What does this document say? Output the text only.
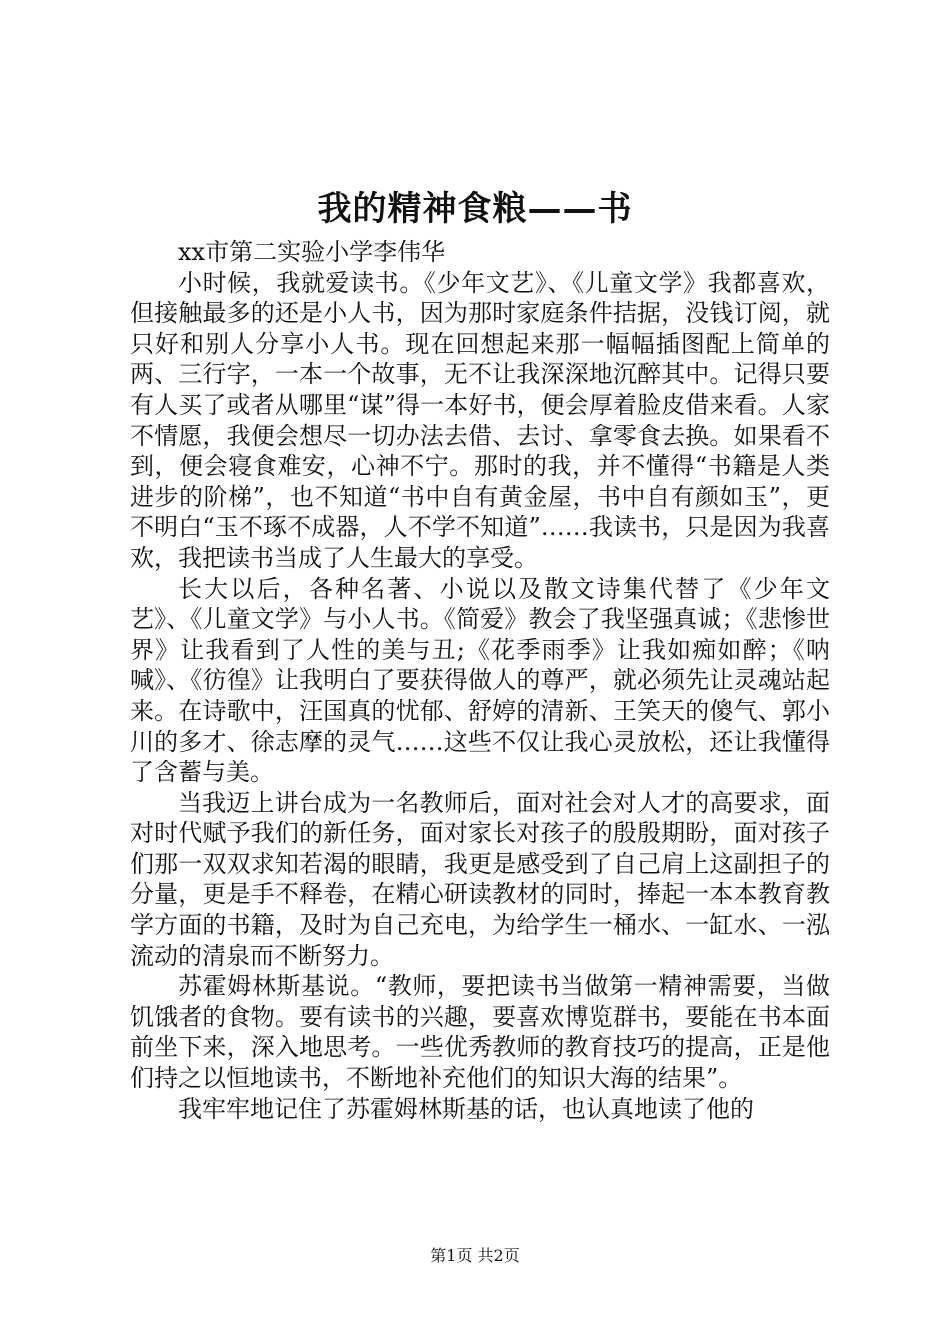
我的精神食粮——书

xx市第二实验小学李伟华

小时候，我就爱读书。《少年文艺》、《儿童文学》我都喜欢，但接触最多的还是小人书，因为那时家庭条件拮据，没钱订阅，就只好和别人分享小人书。现在回想起来那一幅幅插图配上简单的两、三行字，一本一个故事，无不让我深深地沉醉其中。记得只要有人买了或者从哪里“谋”得一本好书，便会厚着脸皮借来看。人家不情愿，我便会想尽一切办法去借、去讨、拿零食去换。如果看不到，便会寝食难安，心神不宁。那时的我，并不懂得“书籍是人类进步的阶梯”，也不知道“书中自有黄金屋，书中自有颜如玉”，更不明白“玉不琢不成器，人不学不知道”……我读书，只是因为我喜欢，我把读书当成了人生最大的享受。

长大以后，各种名著、小说以及散文诗集代替了《少年文艺》、《儿童文学》与小人书。《简爱》教会了我坚强真诚；《悲惨世界》让我看到了人性的美与丑;《花季雨季》让我如痴如醉；《呐喊》、《彷徨》让我明白了要获得做人的尊严，就必须先让灵魂站起来。在诗歌中，汪国真的忧郁、舒婷的清新、王笑天的傻气、郭小川的多才、徐志摩的灵气……这些不仅让我心灵放松，还让我懂得了含蓄与美。

当我迈上讲台成为一名教师后，面对社会对人才的高要求，面对时代赋予我们的新任务，面对家长对孩子的殷殷期盼，面对孩子们那一双双求知若渴的眼睛，我更是感受到了自己肩上这副担子的分量，更是手不释卷，在精心研读教材的同时，捧起一本本教育教学方面的书籍，及时为自己充电，为给学生一桶水、一缸水、一泓流动的清泉而不断努力。

苏霍姆林斯基说。“教师，要把读书当做第一精神需要，当做饥饿者的食物。要有读书的兴趣，要喜欢博览群书，要能在书本面前坐下来，深入地思考。一些优秀教师的教育技巧的提高，正是他们持之以恒地读书，不断地补充他们的知识大海的结果”。

我牢牢地记住了苏霍姆林斯基的话，也认真地读了他的

第1页 共2页
